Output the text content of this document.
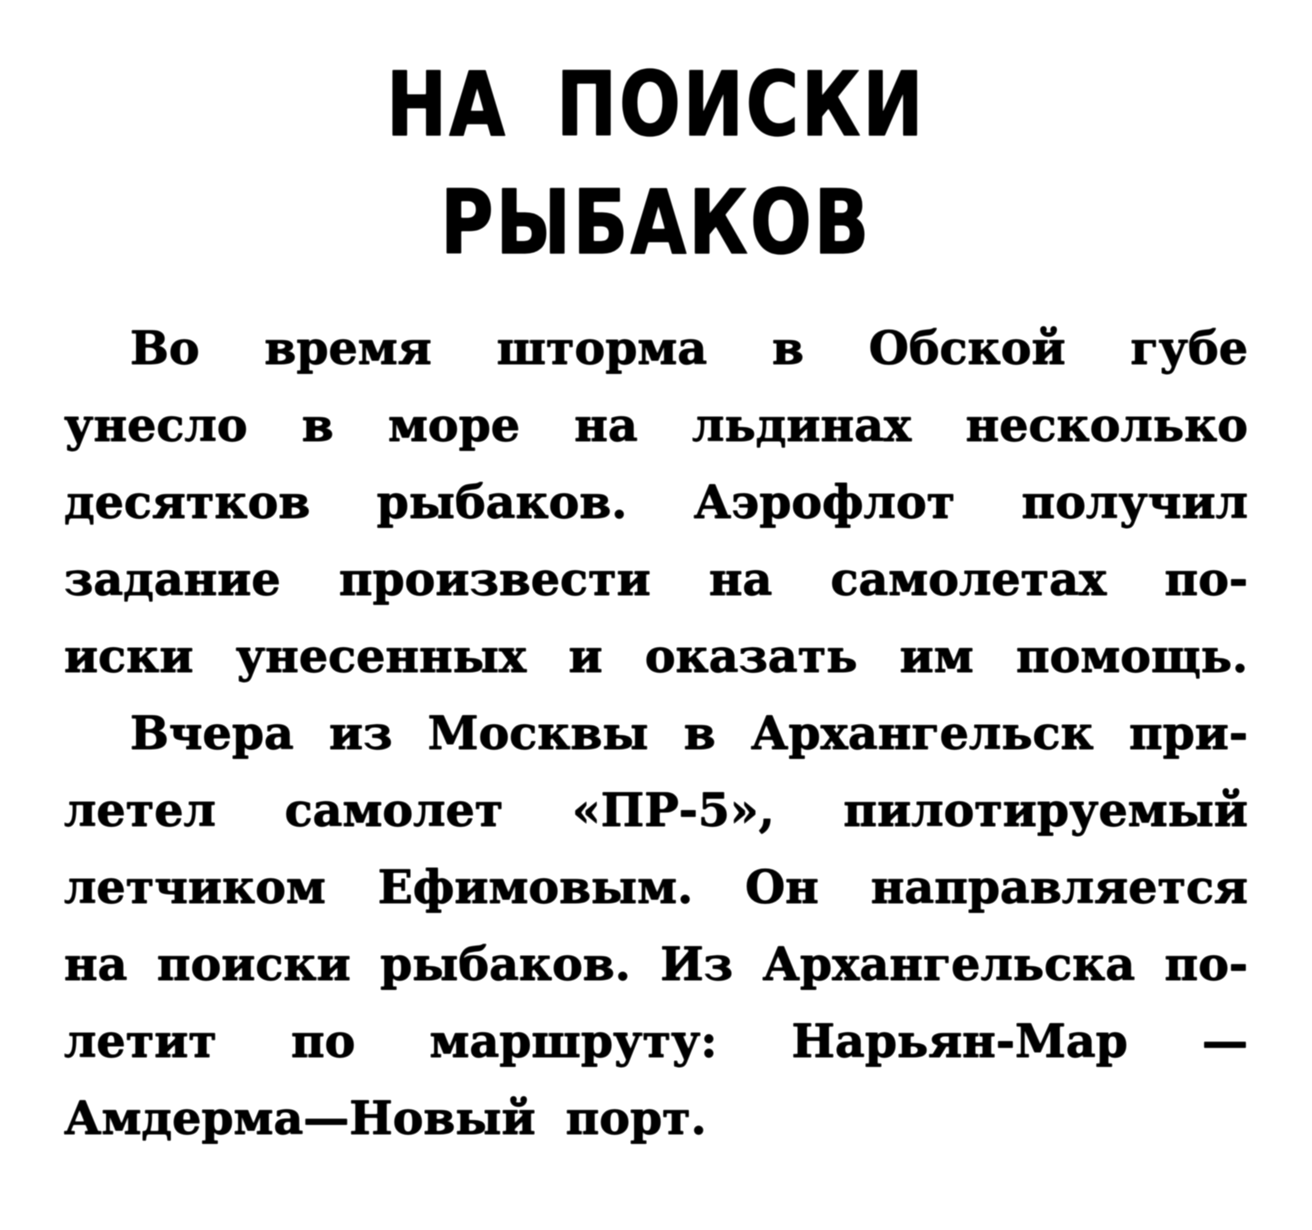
НА ПОИСКИ
РЫБАКОВ

Во время шторма в Обской губе
унесло в море на льдинах несколько
десятков рыбаков. Аэрофлот получил
задание произвести на самолетах по-
иски унесенных и оказать им помощь.

Вчера из Москвы в Архангельск при-
летел самолет «ПР-5», пилотируемый
летчиком Ефимовым. Он направляется
на поиски рыбаков. Из Архангельска по-
летит по маршруту: Нарьян-Мар —
Амдерма—Новый порт.
